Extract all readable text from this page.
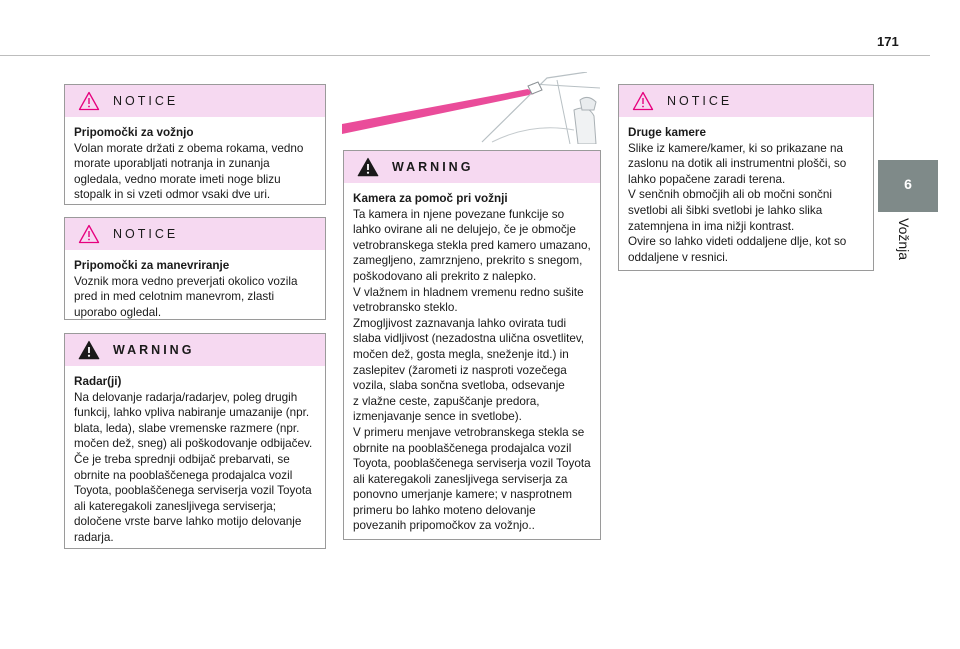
171
6
Vožnja
NOTICE
Pripomočki za vožnjo
Volan morate držati z obema rokama, vedno
morate uporabljati notranja in zunanja
ogledala, vedno morate imeti noge blizu
stopalk in si vzeti odmor vsaki dve uri.
NOTICE
Pripomočki za manevriranje
Voznik mora vedno preverjati okolico vozila
pred in med celotnim manevrom, zlasti
uporabo ogledal.
WARNING
Radar(ji)
Na delovanje radarja/radarjev, poleg drugih
funkcij, lahko vpliva nabiranje umazanije (npr.
blata, leda), slabe vremenske razmere (npr.
močen dež, sneg) ali poškodovanje odbijačev.
Če je treba sprednji odbijač prebarvati, se
obrnite na pooblaščenega prodajalca vozil
Toyota, pooblaščenega serviserja vozil Toyota
ali kateregakoli zanesljivega serviserja;
določene vrste barve lahko motijo delovanje
radarja.
WARNING
Kamera za pomoč pri vožnji
Ta kamera in njene povezane funkcije so
lahko ovirane ali ne delujejo, če je območje
vetrobranskega stekla pred kamero umazano,
zamegljeno, zamrznjeno, prekrito s snegom,
poškodovano ali prekrito z nalepko.
V vlažnem in hladnem vremenu redno sušite
vetrobransko steklo.
Zmogljivost zaznavanja lahko ovirata tudi
slaba vidljivost (nezadostna ulična osvetlitev,
močen dež, gosta megla, sneženje itd.) in
zaslepitev (žarometi iz nasproti vozečega
vozila, slaba sončna svetloba, odsevanje
z vlažne ceste, zapuščanje predora,
izmenjavanje sence in svetlobe).
V primeru menjave vetrobranskega stekla se
obrnite na pooblaščenega prodajalca vozil
Toyota, pooblaščenega serviserja vozil Toyota
ali kateregakoli zanesljivega serviserja za
ponovno umerjanje kamere; v nasprotnem
primeru bo lahko moteno delovanje
povezanih pripomočkov za vožnjo..
NOTICE
Druge kamere
Slike iz kamere/kamer, ki so prikazane na
zaslonu na dotik ali instrumentni plošči, so
lahko popačene zaradi terena.
V senčnih območjih ali ob močni sončni
svetlobi ali šibki svetlobi je lahko slika
zatemnjena in ima nižji kontrast.
Ovire so lahko videti oddaljene dlje, kot so
oddaljene v resnici.
